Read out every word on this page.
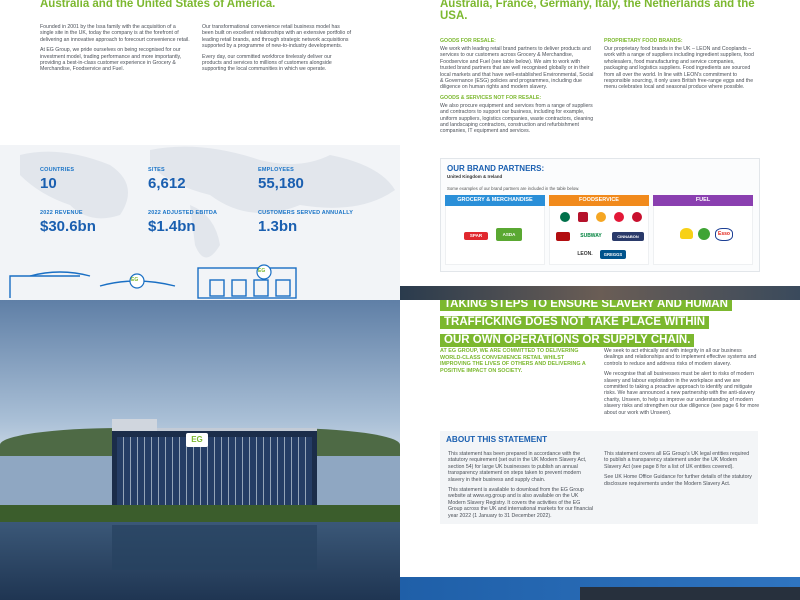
Australia and the United States of America.

Founded in 2001 by the Issa family with the acquisition of a single site in the UK, today the company is at the forefront of delivering an innovative approach to forecourt convenience retail.

At EG Group, we pride ourselves on being recognised for our investment model, trading performance and more importantly, providing a best-in-class customer experience in Grocery & Merchandise, Foodservice and Fuel.

Our transformational convenience retail business model has been built on excellent relationships with an extensive portfolio of leading retail brands, and through strategic network acquisitions supported by a programme of new-to-industry developments.

Every day, our committed workforce tirelessly deliver our products and services to millions of customers alongside supporting the local communities in which we operate.

COUNTRIES
10
SITES
6,612
EMPLOYEES
55,180
2022 REVENUE
$30.6bn
2022 ADJUSTED EBITDA
$1.4bn
CUSTOMERS SERVED ANNUALLY
1.3bn
EG
EG
Australia, France, Germany, Italy, the Netherlands and the USA.
GOODS FOR RESALE:

We work with leading retail brand partners to deliver products and services to our customers across Grocery & Merchandise, Foodservice and Fuel (see table below). We aim to work with trusted brand partners that are well recognised globally or in their local markets and that have well-established Environmental, Social & Governance (ESG) policies and programmes, including due diligence on human rights and modern slavery.

GOODS & SERVICES NOT FOR RESALE:

We also procure equipment and services from a range of suppliers and contractors to support our business, including for example, uniform suppliers, logistics companies, waste contractors, cleaning and landscaping contractors, construction and refurbishment companies, IT equipment and services.

PROPRIETARY FOOD BRANDS:

Our proprietary food brands in the UK – LEON and Cooplands – work with a range of suppliers including ingredient suppliers, food wholesalers, food manufacturing and service companies, packaging and logistics suppliers. Food ingredients are sourced from all over the world. In line with LEON's commitment to responsible sourcing, it only uses British free-range eggs and the menu celebrates local and seasonal produce where possible.

OUR BRAND PARTNERS:
United Kingdom & Ireland
Some examples of our brand partners are included in the table below.
GROCERY & MERCHANDISE
SPAR	ASDA
FOODSERVICE
SUBWAY	CINNABON
LEON.	GREGGS
FUEL
Esso
EG
TAKING STEPS TO ENSURE SLAVERY AND HUMAN
TRAFFICKING DOES NOT TAKE PLACE WITHIN
OUR OWN OPERATIONS OR SUPPLY CHAIN.
AT EG GROUP, WE ARE COMMITTED TO DELIVERING WORLD-CLASS CONVENIENCE RETAIL WHILST IMPROVING THE LIVES OF OTHERS AND DELIVERING A POSITIVE IMPACT ON SOCIETY.

We seek to act ethically and with integrity in all our business dealings and relationships and to implement effective systems and controls to reduce and address risks of modern slavery.

We recognise that all businesses must be alert to risks of modern slavery and labour exploitation in the workplace and we are committed to taking a proactive approach to identify and mitigate risks. We have announced a new partnership with the anti-slavery charity, Unseen, to help us improve our understanding of modern slavery risks and strengthen our due diligence (see page 6 for more about our work with Unseen).

ABOUT THIS STATEMENT

This statement has been prepared in accordance with the statutory requirement (set out in the UK Modern Slavery Act, section 54) for large UK businesses to publish an annual transparency statement on steps taken to prevent modern slavery in their business and supply chain.

This statement is available to download from the EG Group website at www.eg.group and is also available on the UK Modern Slavery Registry. It covers the activities of the EG Group across the UK and international markets for our financial year 2022 (1 January to 31 December 2022).

This statement covers all EG Group's UK legal entities required to publish a transparency statement under the UK Modern Slavery Act (see page 8 for a list of UK entities covered).

See UK Home Office Guidance for further details of the statutory disclosure requirements under the Modern Slavery Act.
